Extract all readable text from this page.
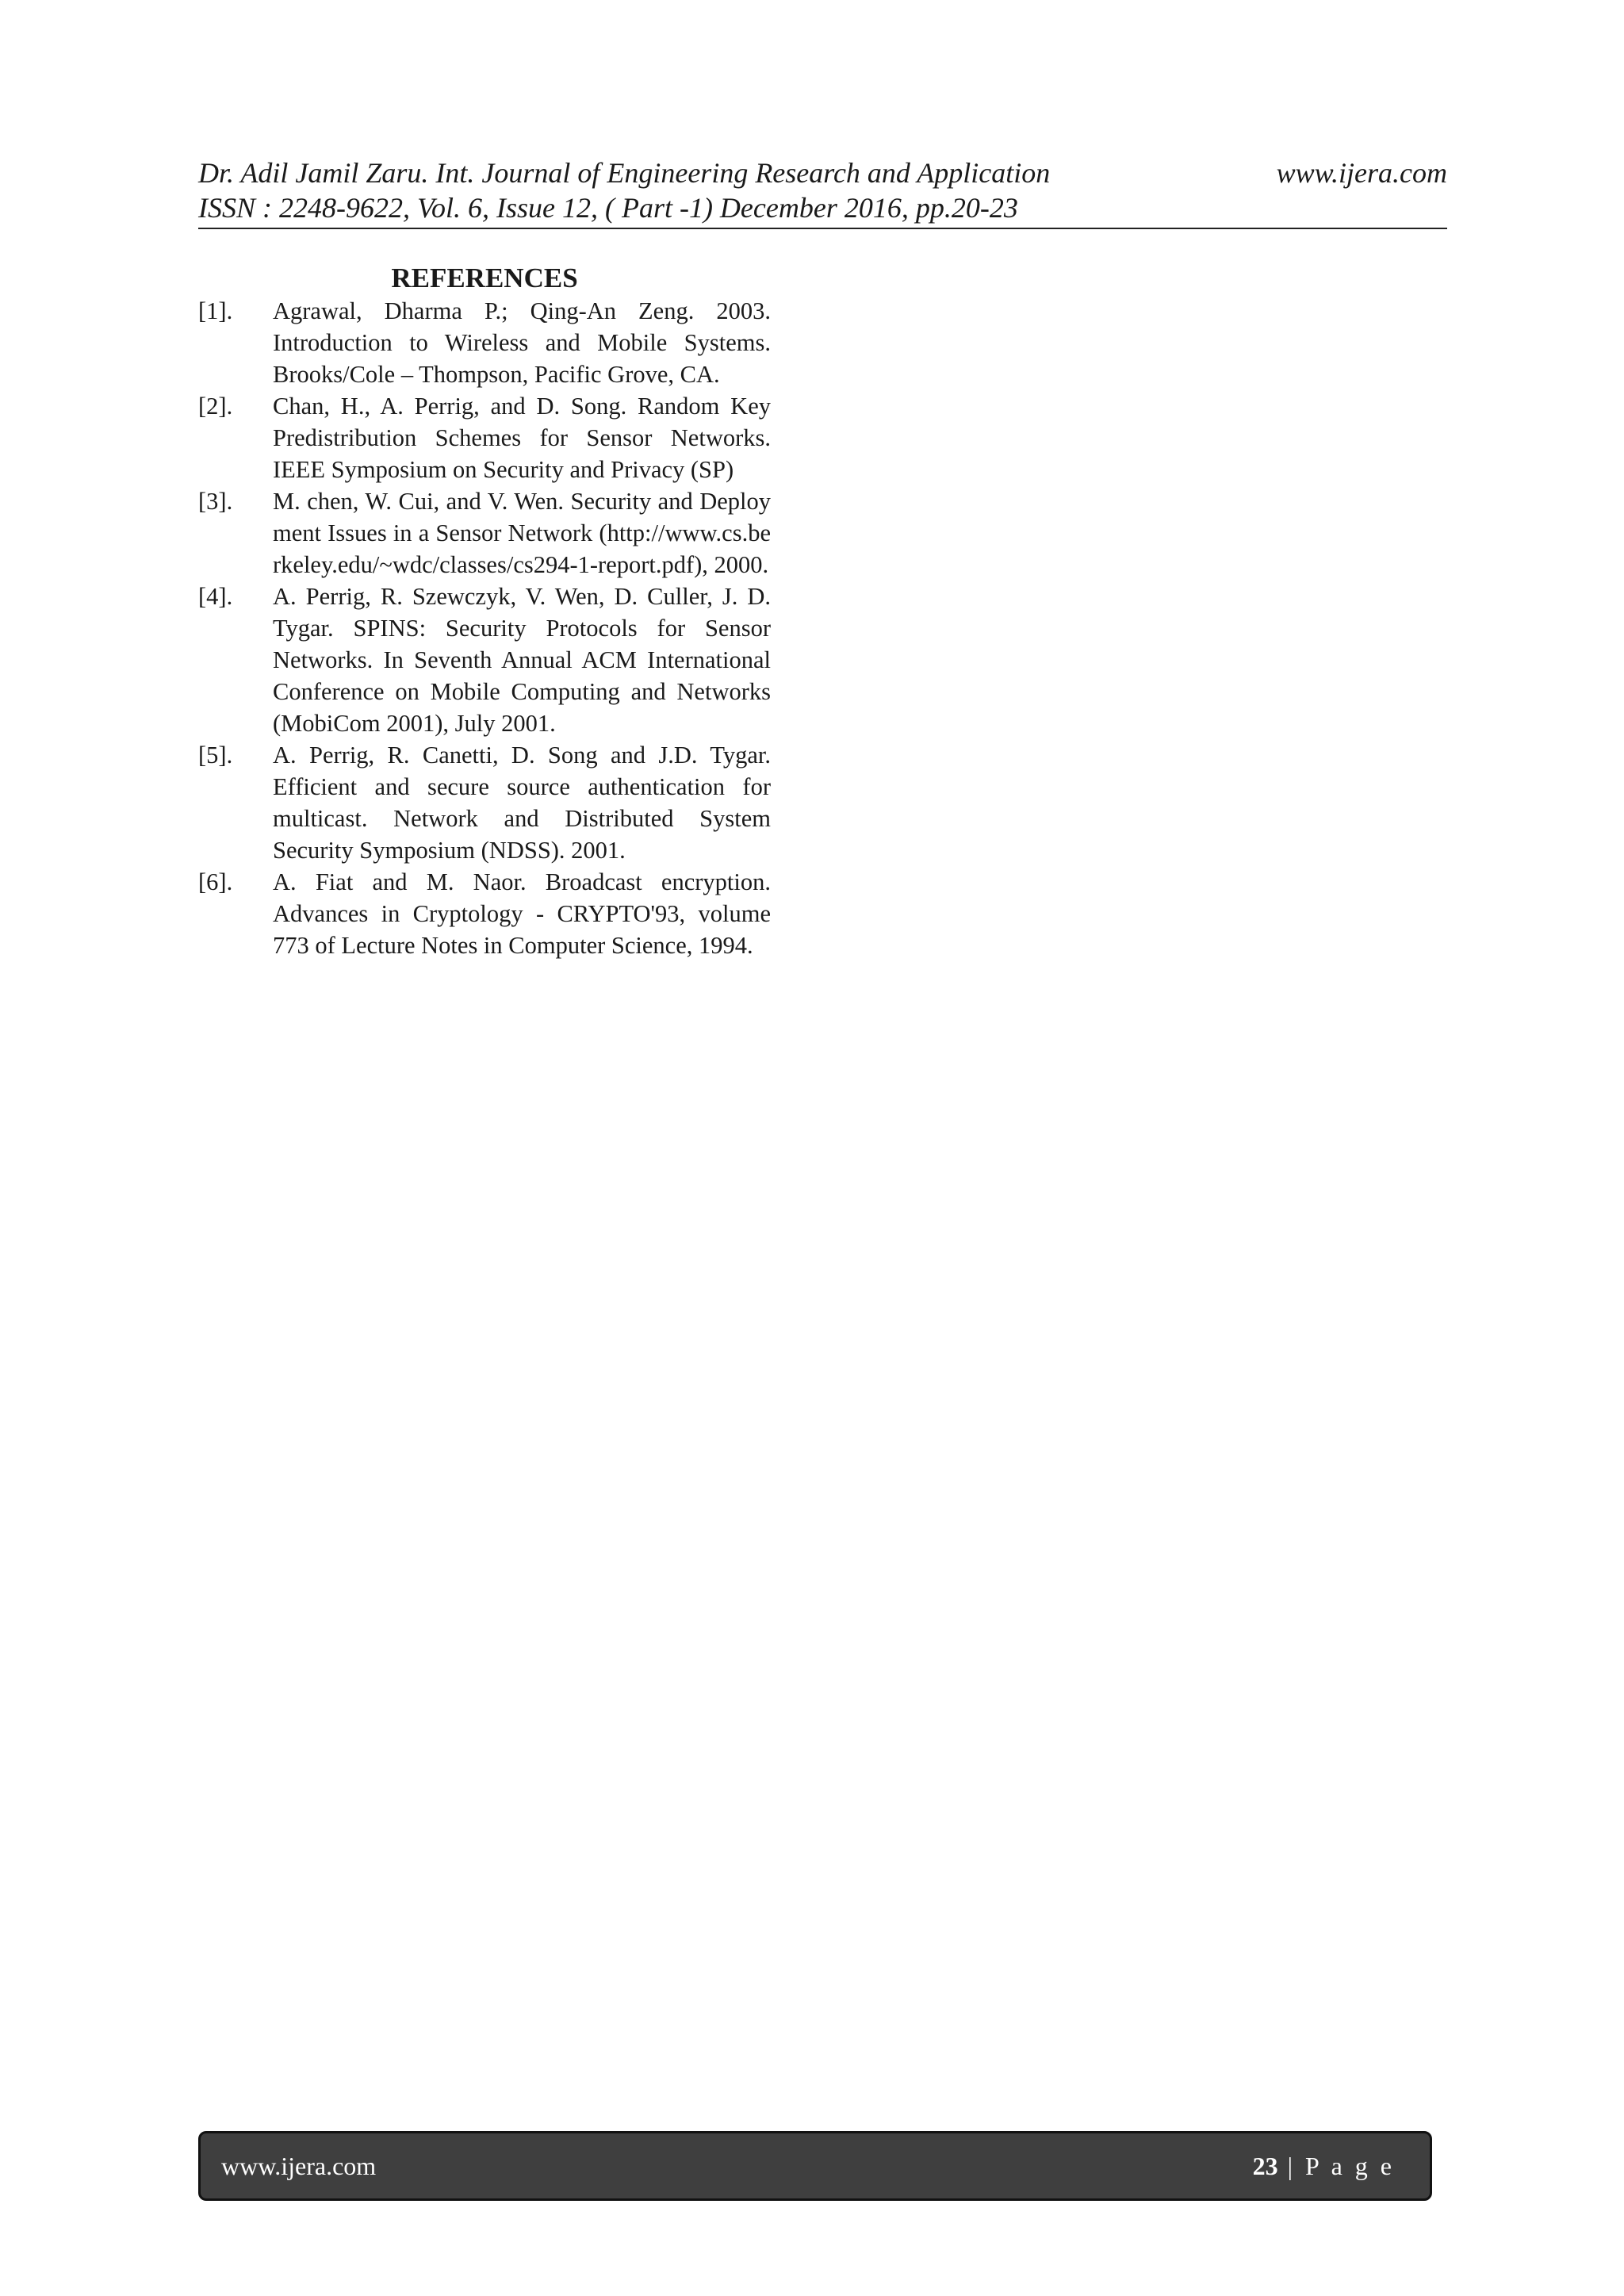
Dr. Adil Jamil Zaru. Int. Journal of Engineering Research and Application	www.ijera.com
ISSN : 2248-9622, Vol. 6, Issue 12, ( Part -1) December 2016, pp.20-23
REFERENCES
[1].	Agrawal, Dharma P.; Qing-An Zeng. 2003. Introduction to Wireless and Mobile Systems. Brooks/Cole – Thompson, Pacific Grove, CA.
[2].	Chan, H., A. Perrig, and D. Song. Random Key Predistribution Schemes for Sensor Networks. IEEE Symposium on Security and Privacy (SP)
[3].	M. chen, W. Cui, and V. Wen. Security and Deployment Issues in a Sensor Network (http://www.cs.berkeley.edu/~wdc/classes/cs294-1-report.pdf), 2000.
[4].	A. Perrig, R. Szewczyk, V. Wen, D. Culler, J. D. Tygar. SPINS: Security Protocols for Sensor Networks. In Seventh Annual ACM International Conference on Mobile Computing and Networks (MobiCom 2001), July 2001.
[5].	A. Perrig, R. Canetti, D. Song and J.D. Tygar. Efficient and secure source authentication for multicast. Network and Distributed System Security Symposium (NDSS). 2001.
[6].	A. Fiat and M. Naor. Broadcast encryption. Advances in Cryptology - CRYPTO'93, volume 773 of Lecture Notes in Computer Science, 1994.
www.ijera.com	23 | P a g e
